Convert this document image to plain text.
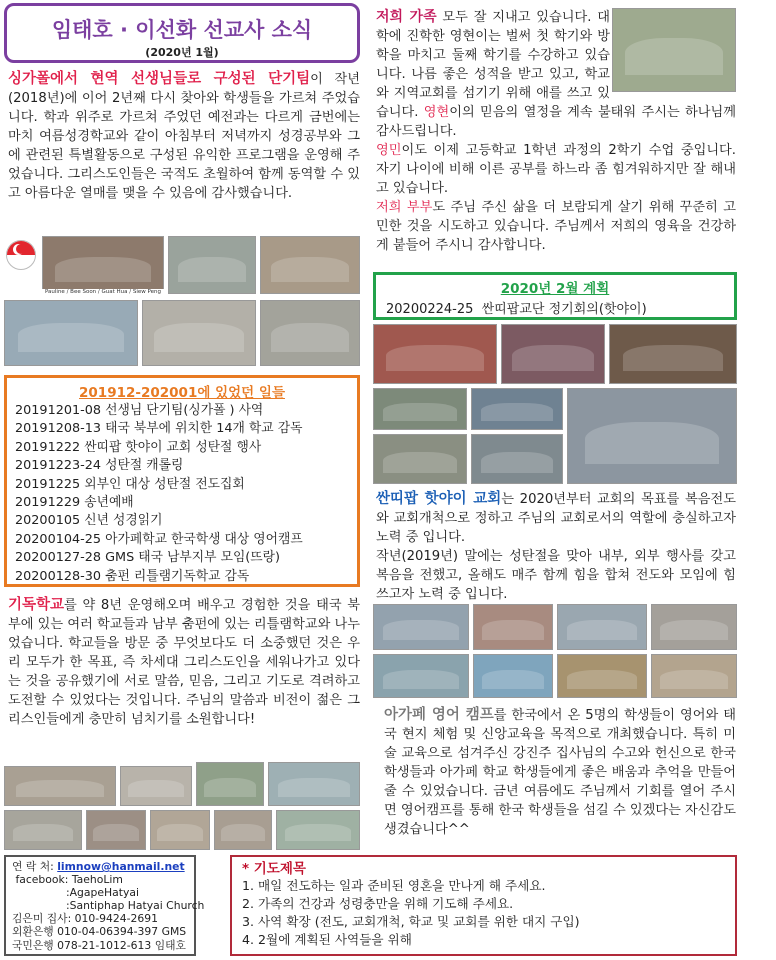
임태호 · 이선화 선교사 소식
(2020년 1월)
싱가폴에서 현역 선생님들로 구성된 단기팀이 작년(2018년)에 이어 2년째 다시 찾아와 학생들을 가르쳐 주었습니다. 학과 위주로 가르쳐 주었던 예전과는 다르게 금번에는 마치 여름성경학교와 같이 아침부터 저녁까지 성경공부와 그에 관련된 특별활동으로 구성된 유익한 프로그램을 운영해 주었습니다. 그리스도인들은 국적도 초월하여 함께 동역할 수 있고 아름다운 열매를 맺을 수 있음에 감사했습니다.
Pauline / Bee Soon / Guat Hua / Siew Peng
201912-202001에 있었던 일들
20191201-08 선생님 단기팀(싱가폴 ) 사역
20191208-13 태국 북부에 위치한 14개 학교 감독
20191222 싼띠팝 핫야이 교회 성탄절 행사
20191223-24 성탄절 캐롤링
20191225 외부인 대상 성탄절 전도집회
20191229 송년예배
20200105 신년 성경읽기
20200104-25 아가페학교 한국학생 대상 영어캠프
20200127-28 GMS 태국 남부지부 모임(뜨랑)
20200128-30 춤펀 리틀램기독학교 감독
기독학교를 약 8년 운영해오며 배우고 경험한 것을 태국 북부에 있는 여러 학교들과 남부 춤펀에 있는 리틀램학교와 나누었습니다. 학교들을 방문 중 무엇보다도 더 소중했던 것은 우리 모두가 한 목표, 즉 차세대 그리스도인을 세워나가고 있다는 것을 공유했기에 서로 말씀, 믿음, 그리고 기도로 격려하고 도전할 수 있었다는 것입니다. 주님의 말씀과 비전이 젊은 그리스인들에게 충만히 넘치기를 소원합니다!
저희 가족 모두 잘 지내고 있습니다. 대학에 진학한 영현이는 벌써 첫 학기와 방학을 마치고 둘째 학기를 수강하고 있습니다. 나름 좋은 성적을 받고 있고, 학교와 지역교회를 섬기기 위해 애를 쓰고 있습니다. 영현이의 믿음의 열정을 계속 불태워 주시는 하나님께 감사드립니다.
영민이도 이제 고등학교 1학년 과정의 2학기 수업 중입니다. 자기 나이에 비해 이른 공부를 하느라 좀 힘겨워하지만 잘 해내고 있습니다.
저희 부부도 주님 주신 삶을 더 보람되게 살기 위해 꾸준히 고민한 것을 시도하고 있습니다. 주님께서 저희의 영육을 건강하게 붙들어 주시니 감사합니다.
2020년 2월 계획
20200224-25 싼띠팝교단 정기회의(핫야이)
싼띠팝 핫야이 교회는 2020년부터 교회의 목표를 복음전도와 교회개척으로 정하고 주님의 교회로서의 역할에 충실하고자 노력 중 입니다.
작년(2019년) 말에는 성탄절을 맞아 내부, 외부 행사를 갖고 복음을 전했고, 올해도 매주 함께 힘을 합쳐 전도와 모임에 힘쓰고자 노력 중 입니다.
아가페 영어 캠프를 한국에서 온 5명의 학생들이 영어와 태국 현지 체험 및 신앙교육을 목적으로 개최했습니다. 특히 미술 교육으로 섬겨주신 강진주 집사님의 수고와 헌신으로 한국 학생들과 아가페 학교 학생들에게 좋은 배움과 추억을 만들어 줄 수 있었습니다. 금년 여름에도 주님께서 기회를 열어 주시면 영어캠프를 통해 한국 학생들을 섬길 수 있겠다는 자신감도 생겼습니다^^
연 락 처: limnow@hanmail.net
facebook: TaehoLim
:AgapeHatyai
:Santiphap Hatyai Church
김은미 집사: 010-9424-2691
외환은행 010-04-06394-397 GMS
국민은행 078-21-1012-613 임태호
* 기도제목
1. 매일 전도하는 일과 준비된 영혼을 만나게 해 주세요.
2. 가족의 건강과 성령충만을 위해 기도해 주세요.
3. 사역 확장 (전도, 교회개척, 학교 및 교회를 위한 대지 구입)
4. 2월에 계획된 사역들을 위해
